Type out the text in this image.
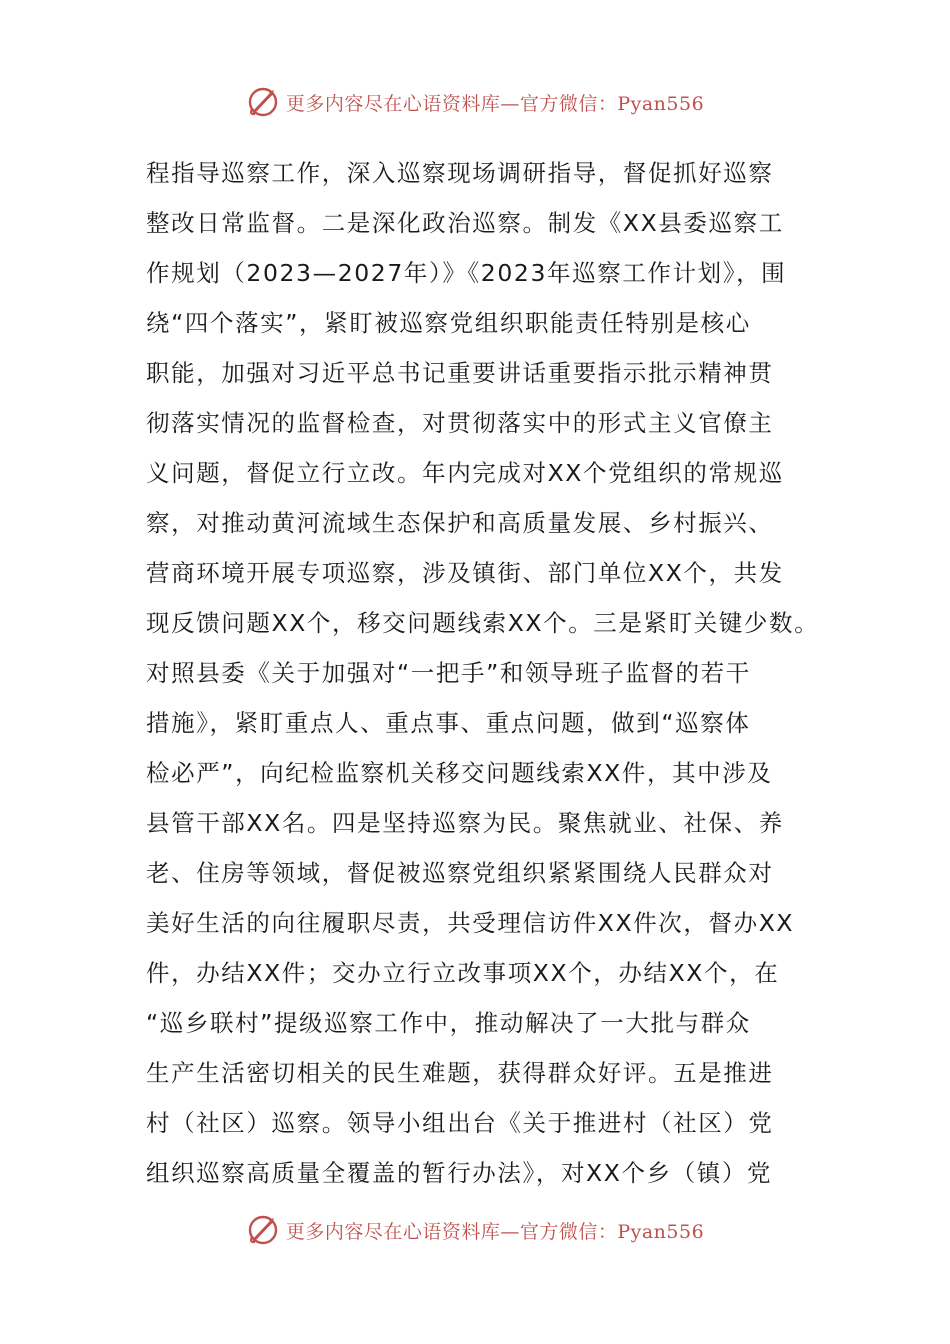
更多内容尽在心语资料库—官方微信：Pyan556
程指导巡察工作，深入巡察现场调研指导，督促抓好巡察
整改日常监督。二是深化政治巡察。制发《XX县委巡察工
作规划（2023—2027年）》《2023年巡察工作计划》，围
绕“四个落实”，紧盯被巡察党组织职能责任特别是核心
职能，加强对习近平总书记重要讲话重要指示批示精神贯
彻落实情况的监督检查，对贯彻落实中的形式主义官僚主
义问题，督促立行立改。年内完成对XX个党组织的常规巡
察，对推动黄河流域生态保护和高质量发展、乡村振兴、
营商环境开展专项巡察，涉及镇街、部门单位XX个，共发
现反馈问题XX个，移交问题线索XX个。三是紧盯关键少数。
对照县委《关于加强对“一把手”和领导班子监督的若干
措施》，紧盯重点人、重点事、重点问题，做到“巡察体
检必严”，向纪检监察机关移交问题线索XX件，其中涉及
县管干部XX名。四是坚持巡察为民。聚焦就业、社保、养
老、住房等领域，督促被巡察党组织紧紧围绕人民群众对
美好生活的向往履职尽责，共受理信访件XX件次，督办XX
件，办结XX件；交办立行立改事项XX个，办结XX个，在
“巡乡联村”提级巡察工作中，推动解决了一大批与群众
生产生活密切相关的民生难题，获得群众好评。五是推进
村（社区）巡察。领导小组出台《关于推进村（社区）党
组织巡察高质量全覆盖的暂行办法》，对XX个乡（镇）党
更多内容尽在心语资料库—官方微信：Pyan556
